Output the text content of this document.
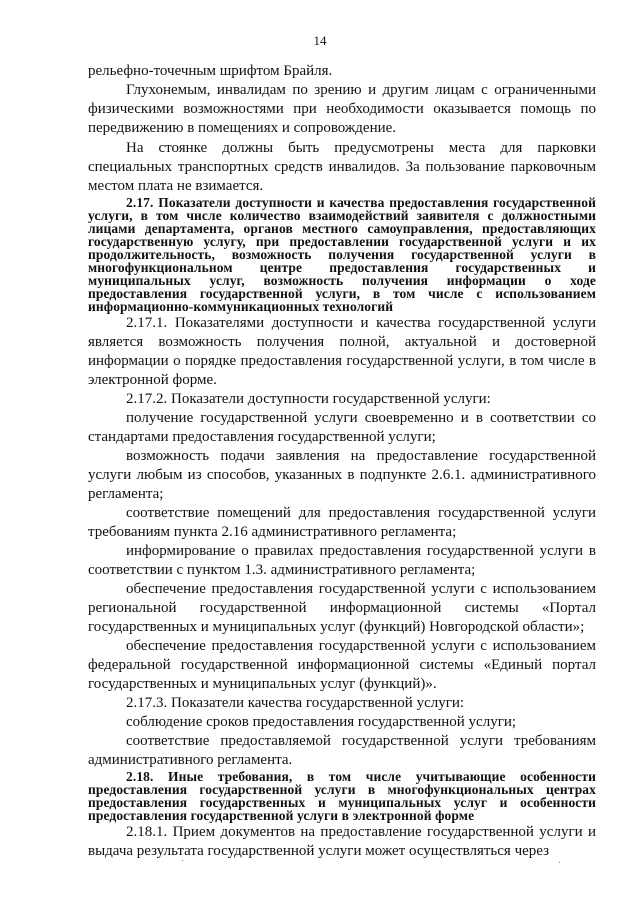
14

рельефно-точечным шрифтом Брайля.

Глухонемым, инвалидам по зрению и другим лицам с ограниченными физическими возможностями при необходимости оказывается помощь по передвижению в помещениях и сопровождение.

На стоянке должны быть предусмотрены места для парковки специальных транспортных средств инвалидов. За пользование парковочным местом плата не взимается.

2.17. Показатели доступности и качества предоставления государственной услуги, в том числе количество взаимодействий заявителя с должностными лицами департамента, органов местного самоуправления, предоставляющих государственную услугу, при предоставлении государственной услуги и их продолжительность, возможность получения государственной услуги в многофункциональном центре предоставления государственных и муниципальных услуг, возможность получения информации о ходе предоставления государственной услуги, в том числе с использованием информационно-коммуникационных технологий

2.17.1. Показателями доступности и качества государственной услуги является возможность получения полной, актуальной и достоверной информации о порядке предоставления государственной услуги, в том числе в электронной форме.

2.17.2. Показатели доступности государственной услуги:

получение государственной услуги своевременно и в соответствии со стандартами предоставления государственной услуги;

возможность подачи заявления на предоставление государственной услуги любым из способов, указанных в подпункте 2.6.1. административного регламента;

соответствие помещений для предоставления государственной услуги требованиям пункта 2.16 административного регламента;

информирование о правилах предоставления государственной услуги в соответствии с пунктом 1.3. административного регламента;

обеспечение предоставления государственной услуги с использованием региональной государственной информационной системы «Портал государственных и муниципальных услуг (функций) Новгородской области»;

обеспечение предоставления государственной услуги с использованием федеральной государственной информационной системы «Единый портал государственных и муниципальных услуг (функций)».

2.17.3. Показатели качества государственной услуги:

соблюдение сроков предоставления государственной услуги;

соответствие предоставляемой государственной услуги требованиям административного регламента.

2.18. Иные требования, в том числе учитывающие особенности предоставления государственной услуги в многофункциональных центрах предоставления государственных и муниципальных услуг и особенности предоставления государственной услуги в электронной форме

2.18.1. Прием документов на предоставление государственной услуги и выдача результата государственной услуги может осуществляться через

·	·
